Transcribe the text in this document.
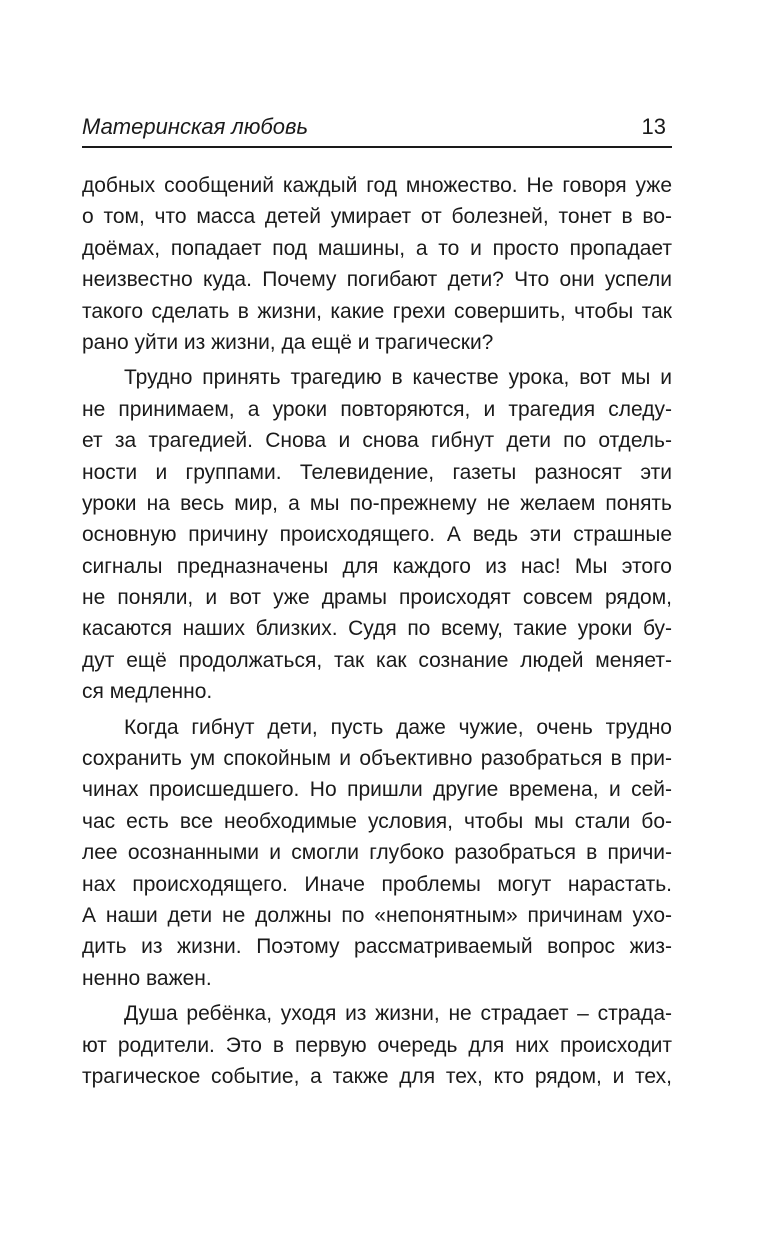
Материнская любовь	13
добных сообщений каждый год множество. Не говоря уже
о том, что масса детей умирает от болезней, тонет в во-
доёмах, попадает под машины, а то и просто пропадает
неизвестно куда. Почему погибают дети? Что они успели
такого сделать в жизни, какие грехи совершить, чтобы так
рано уйти из жизни, да ещё и трагически?
Трудно принять трагедию в качестве урока, вот мы и
не принимаем, а уроки повторяются, и трагедия следу-
ет за трагедией. Снова и снова гибнут дети по отдель-
ности и группами. Телевидение, газеты разносят эти
уроки на весь мир, а мы по-прежнему не желаем понять
основную причину происходящего. А ведь эти страшные
сигналы предназначены для каждого из нас! Мы этого
не поняли, и вот уже драмы происходят совсем рядом,
касаются наших близких. Судя по всему, такие уроки бу-
дут ещё продолжаться, так как сознание людей меняет-
ся медленно.
Когда гибнут дети, пусть даже чужие, очень трудно
сохранить ум спокойным и объективно разобраться в при-
чинах происшедшего. Но пришли другие времена, и сей-
час есть все необходимые условия, чтобы мы стали бо-
лее осознанными и смогли глубоко разобраться в причи-
нах происходящего. Иначе проблемы могут нарастать.
А наши дети не должны по «непонятным» причинам ухо-
дить из жизни. Поэтому рассматриваемый вопрос жиз-
ненно важен.
Душа ребёнка, уходя из жизни, не страдает – страда-
ют родители. Это в первую очередь для них происходит
трагическое событие, а также для тех, кто рядом, и тех,
